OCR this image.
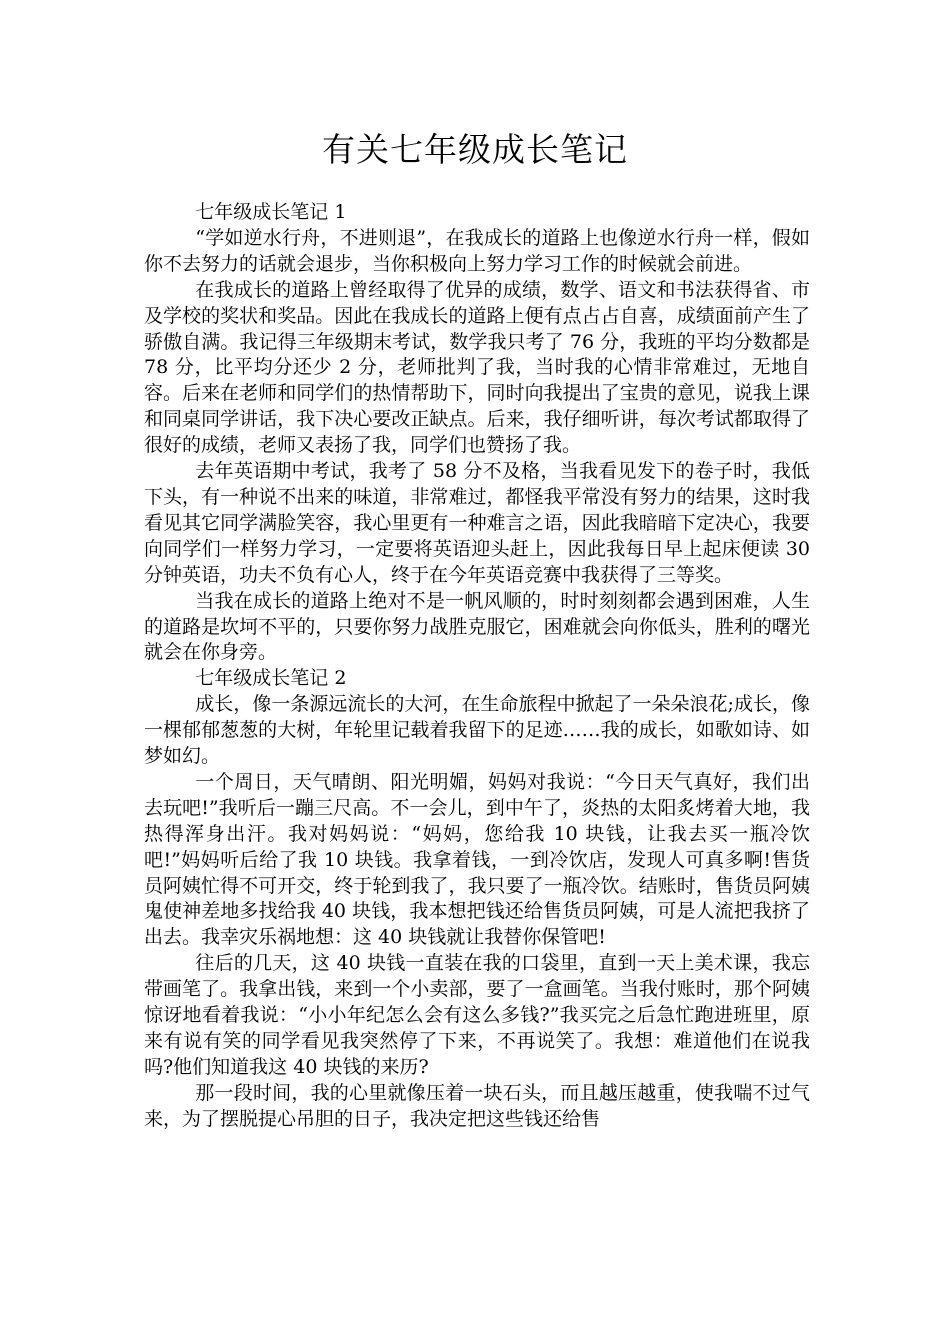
有关七年级成长笔记

七年级成长笔记 1

“学如逆水行舟，不进则退”，在我成长的道路上也像逆水行舟一样，假如你不去努力的话就会退步，当你积极向上努力学习工作的时候就会前进。

在我成长的道路上曾经取得了优异的成绩，数学、语文和书法获得省、市及学校的奖状和奖品。因此在我成长的道路上便有点占占自喜，成绩面前产生了骄傲自满。我记得三年级期末考试，数学我只考了 76 分，我班的平均分数都是 78 分，比平均分还少 2 分，老师批判了我，当时我的心情非常难过，无地自容。后来在老师和同学们的热情帮助下，同时向我提出了宝贵的意见，说我上课和同桌同学讲话，我下决心要改正缺点。后来，我仔细听讲，每次考试都取得了很好的成绩，老师又表扬了我，同学们也赞扬了我。

去年英语期中考试，我考了 58 分不及格，当我看见发下的卷子时，我低下头，有一种说不出来的味道，非常难过，都怪我平常没有努力的结果，这时我看见其它同学满脸笑容，我心里更有一种难言之语，因此我暗暗下定决心，我要向同学们一样努力学习，一定要将英语迎头赶上，因此我每日早上起床便读 30 分钟英语，功夫不负有心人，终于在今年英语竞赛中我获得了三等奖。

当我在成长的道路上绝对不是一帆风顺的，时时刻刻都会遇到困难，人生的道路是坎坷不平的，只要你努力战胜克服它，困难就会向你低头，胜利的曙光就会在你身旁。

七年级成长笔记 2

成长，像一条源远流长的大河，在生命旅程中掀起了一朵朵浪花;成长，像一棵郁郁葱葱的大树，年轮里记载着我留下的足迹……我的成长，如歌如诗、如梦如幻。

一个周日，天气晴朗、阳光明媚，妈妈对我说：“今日天气真好，我们出去玩吧!”我听后一蹦三尺高。不一会儿，到中午了，炎热的太阳炙烤着大地，我热得浑身出汗。我对妈妈说：“妈妈，您给我 10 块钱，让我去买一瓶冷饮吧!”妈妈听后给了我 10 块钱。我拿着钱，一到冷饮店，发现人可真多啊!售货员阿姨忙得不可开交，终于轮到我了，我只要了一瓶冷饮。结账时，售货员阿姨鬼使神差地多找给我 40 块钱，我本想把钱还给售货员阿姨，可是人流把我挤了出去。我幸灾乐祸地想：这 40 块钱就让我替你保管吧!

往后的几天，这 40 块钱一直装在我的口袋里，直到一天上美术课，我忘带画笔了。我拿出钱，来到一个小卖部，要了一盒画笔。当我付账时，那个阿姨惊讶地看着我说：“小小年纪怎么会有这么多钱?”我买完之后急忙跑进班里，原来有说有笑的同学看见我突然停了下来，不再说笑了。我想：难道他们在说我吗?他们知道我这 40 块钱的来历?

那一段时间，我的心里就像压着一块石头，而且越压越重，使我喘不过气来，为了摆脱提心吊胆的日子，我决定把这些钱还给售
